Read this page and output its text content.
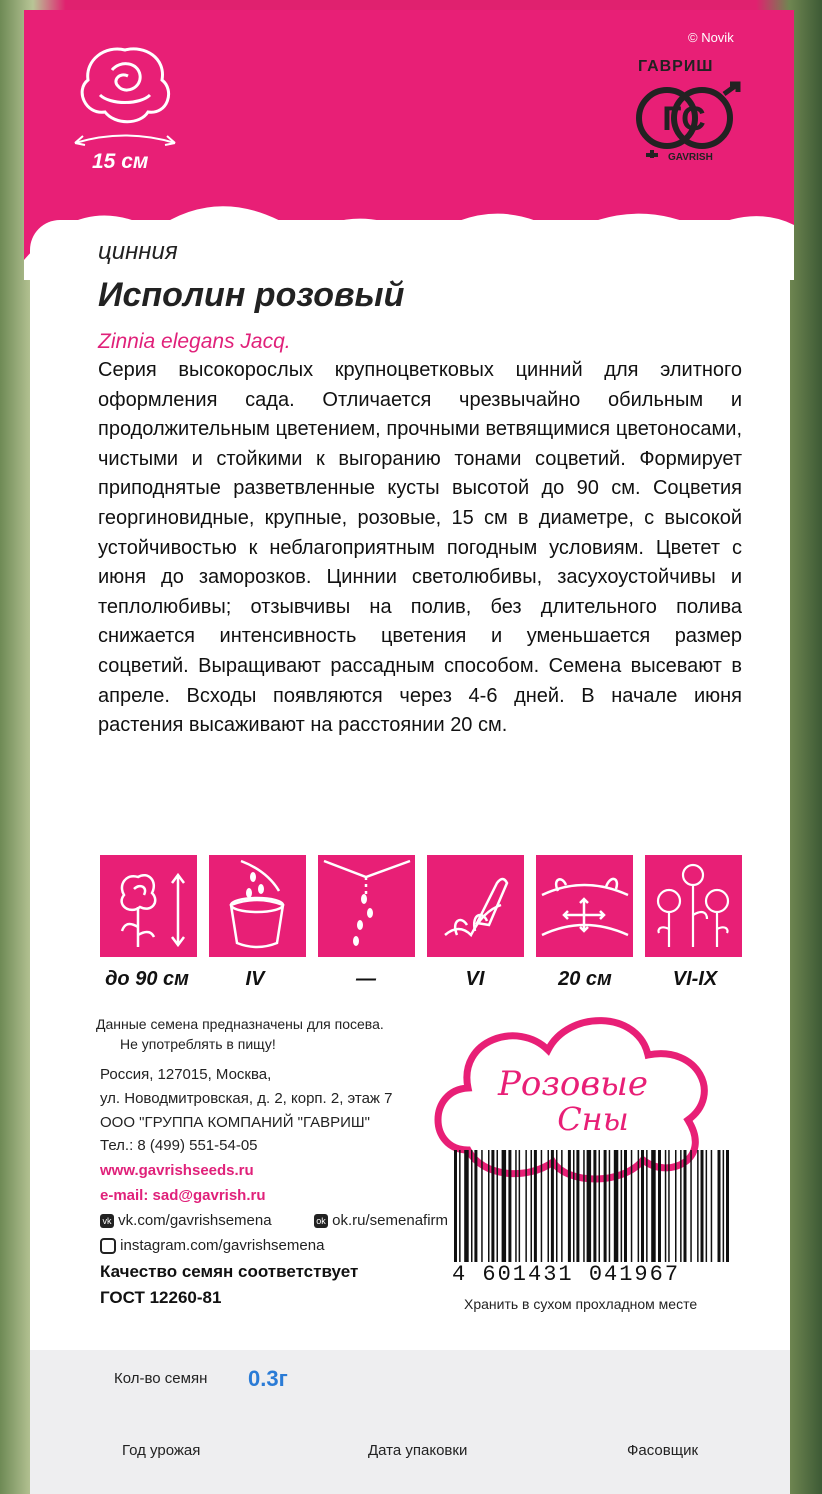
15 см
© Novik
ГАВРИШ
ГС
GAVRISH
цинния
Исполин розовый
Zinnia elegans Jacq.
Серия высокорослых крупноцветковых цинний для элитного оформления сада. Отличается чрезвычайно обильным и продолжительным цветением, прочными ветвящимися цветоносами, чистыми и стойкими к выгоранию тонами соцветий. Формирует приподнятые разветвленные кусты высотой до 90 см. Соцветия георгиновидные, крупные, розовые, 15 см в диаметре, с высокой устойчивостью к неблагоприятным погодным условиям. Цветет с июня до заморозков. Циннии светолюбивы, засухоустойчивы и теплолюбивы; отзывчивы на полив, без длительного полива снижается интенсивность цветения и уменьшается размер соцветий. Выращивают рассадным способом. Семена высевают в апреле. Всходы появляются через 4-6 дней. В начале июня растения высаживают на расстоянии 20 см.
до 90 см	IV	—	VI	20 см	VI-IX
Данные семена предназначены для посева.
Не употреблять в пищу!
Россия, 127015, Москва,
ул. Новодмитровская, д. 2, корп. 2, этаж 7
ООО "ГРУППА КОМПАНИЙ "ГАВРИШ"
Тел.: 8 (499) 551-54-05
www.gavrishseeds.ru
e-mail: sad@gavrish.ru
vk vk.com/gavrishsemena	ok ok.ru/semenafirm
instagram.com/gavrishsemena
Качество семян соответствует
ГОСТ 12260-81
Розовые
Сны
4 601431 041967
Хранить в сухом прохладном месте
Кол-во семян 0.3г
Год урожая	Дата упаковки	Фасовщик
